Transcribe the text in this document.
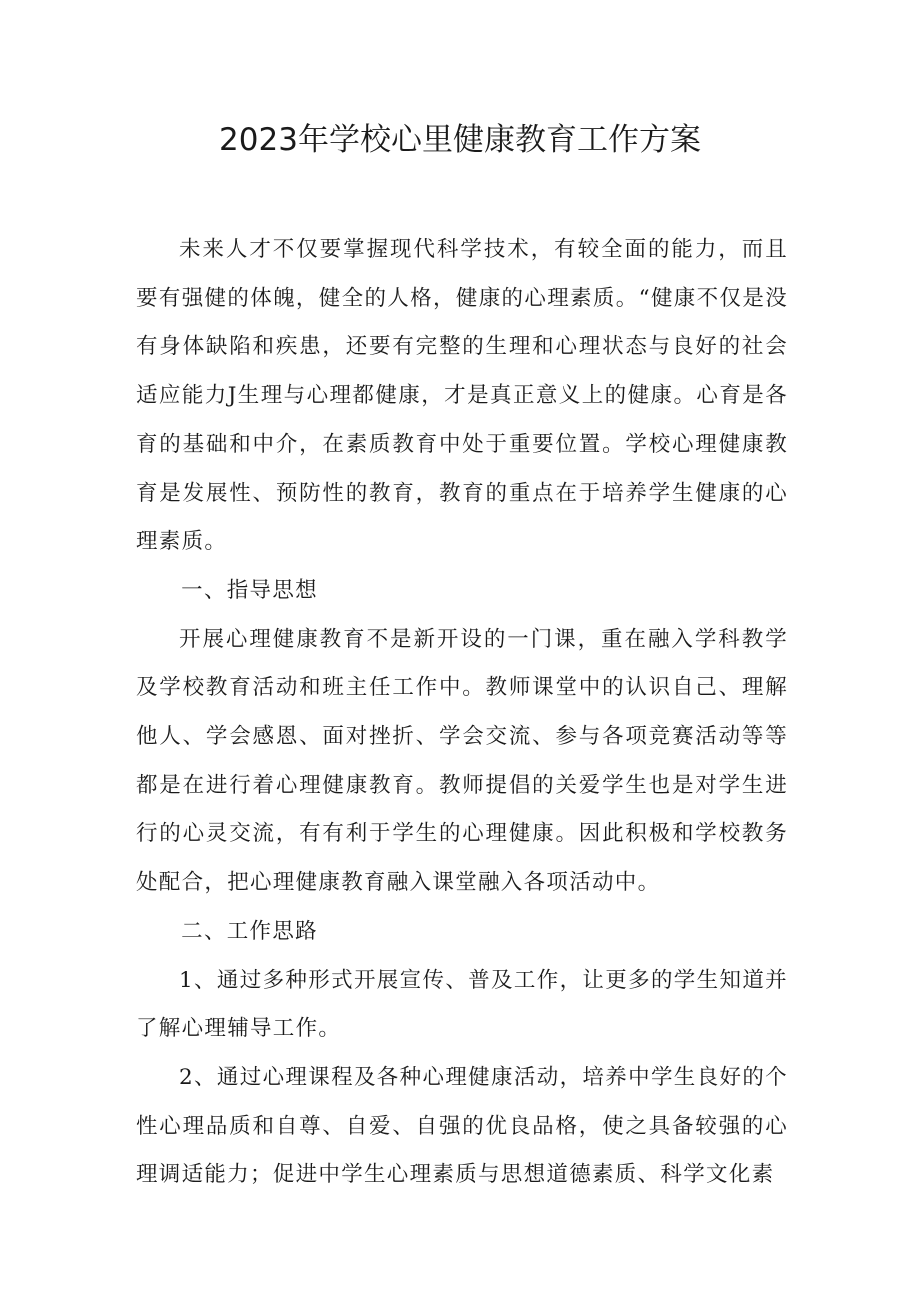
2023年学校心里健康教育工作方案

未来人才不仅要掌握现代科学技术，有较全面的能力，而且要有强健的体魄，健全的人格，健康的心理素质。“健康不仅是没有身体缺陷和疾患，还要有完整的生理和心理状态与良好的社会适应能力J生理与心理都健康，才是真正意义上的健康。心育是各育的基础和中介，在素质教育中处于重要位置。学校心理健康教育是发展性、预防性的教育，教育的重点在于培养学生健康的心理素质。

一、指导思想

开展心理健康教育不是新开设的一门课，重在融入学科教学及学校教育活动和班主任工作中。教师课堂中的认识自己、理解他人、学会感恩、面对挫折、学会交流、参与各项竞赛活动等等都是在进行着心理健康教育。教师提倡的关爱学生也是对学生进行的心灵交流，有有利于学生的心理健康。因此积极和学校教务处配合，把心理健康教育融入课堂融入各项活动中。

二、工作思路

1、通过多种形式开展宣传、普及工作，让更多的学生知道并了解心理辅导工作。

2、通过心理课程及各种心理健康活动，培养中学生良好的个性心理品质和自尊、自爱、自强的优良品格，使之具备较强的心理调适能力；促进中学生心理素质与思想道德素质、科学文化素
